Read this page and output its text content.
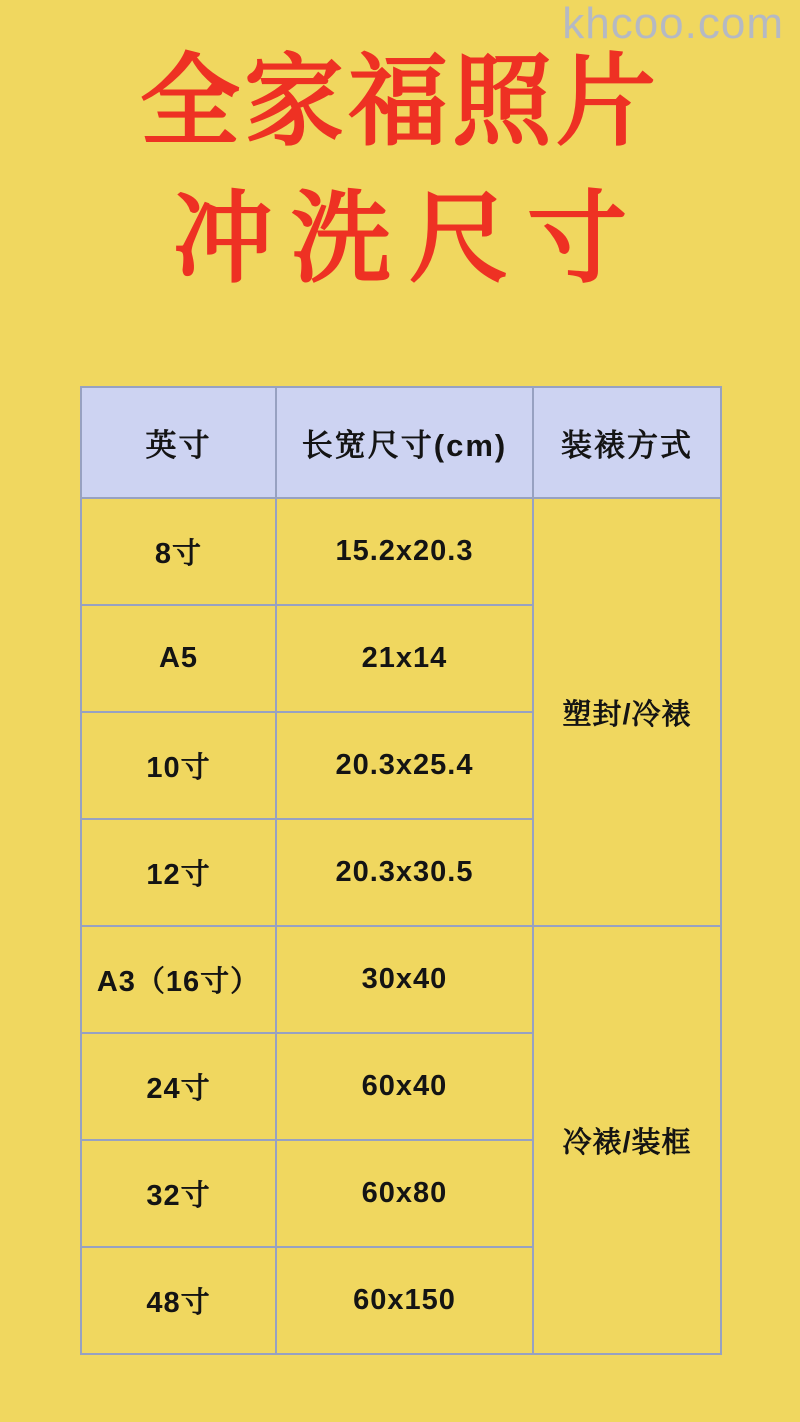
khcoo.com
全家福照片
冲洗尺寸
英寸	长宽尺寸(cm)	装裱方式
8寸	15.2x20.3	塑封/冷裱
A5	21x14	
10寸	20.3x25.4	
12寸	20.3x30.5	
A3（16寸）	30x40	冷裱/装框
24寸	60x40	
32寸	60x80	
48寸	60x150	
